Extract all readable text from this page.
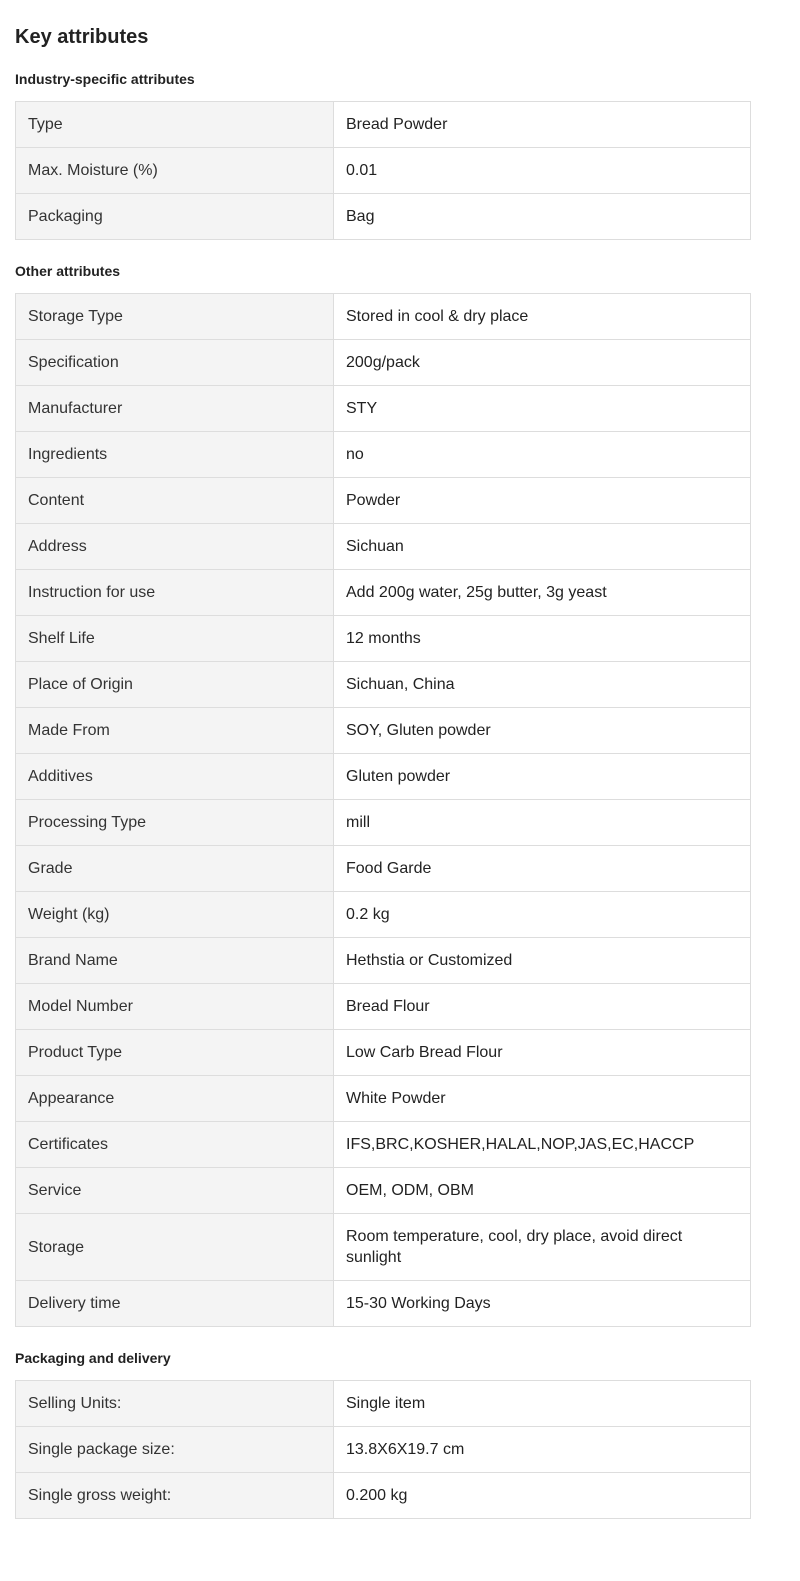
Key attributes
Industry-specific attributes
Type	Bread Powder
Max. Moisture (%)	0.01
Packaging	Bag
Other attributes
Storage Type	Stored in cool & dry place
Specification	200g/pack
Manufacturer	STY
Ingredients	no
Content	Powder
Address	Sichuan
Instruction for use	Add 200g water, 25g butter, 3g yeast
Shelf Life	12 months
Place of Origin	Sichuan, China
Made From	SOY, Gluten powder
Additives	Gluten powder
Processing Type	mill
Grade	Food Garde
Weight (kg)	0.2 kg
Brand Name	Hethstia or Customized
Model Number	Bread Flour
Product Type	Low Carb Bread Flour
Appearance	White Powder
Certificates	IFS,BRC,KOSHER,HALAL,NOP,JAS,EC,HACCP
Service	OEM, ODM, OBM
Storage	Room temperature, cool, dry place, avoid direct sunlight
Delivery time	15-30 Working Days
Packaging and delivery
Selling Units:	Single item
Single package size:	13.8X6X19.7 cm
Single gross weight:	0.200 kg
